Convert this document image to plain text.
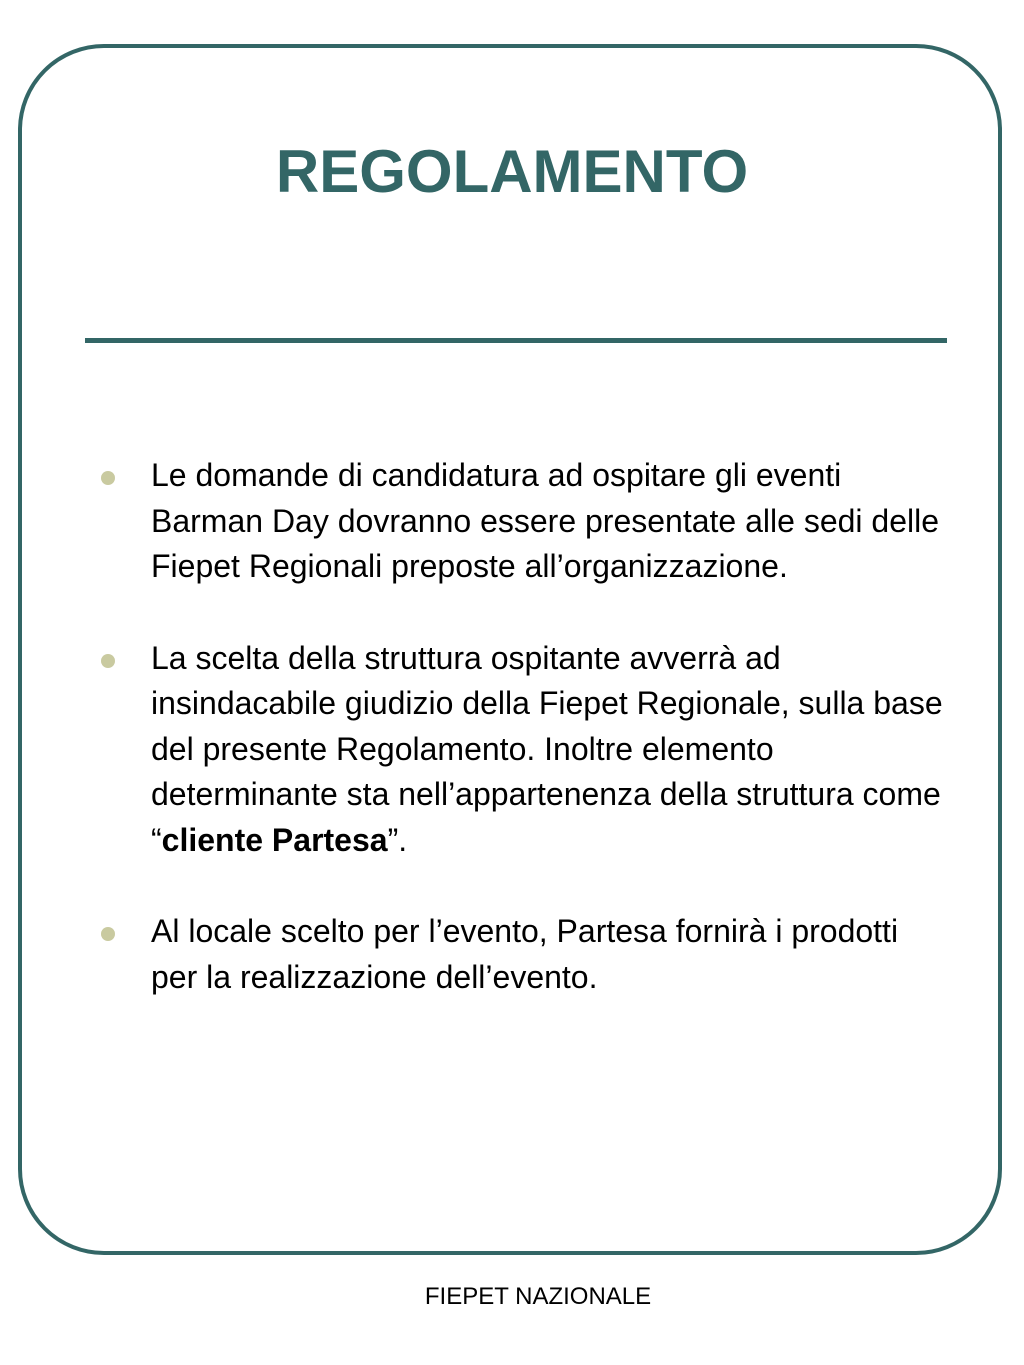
REGOLAMENTO
Le domande di candidatura ad ospitare gli eventi Barman Day dovranno essere presentate alle sedi delle Fiepet Regionali preposte all’organizzazione.
La scelta della struttura ospitante avverrà ad insindacabile giudizio della Fiepet Regionale, sulla base del presente Regolamento. Inoltre elemento determinante sta nell’appartenenza della struttura come “cliente Partesa”.
Al locale scelto per l’evento, Partesa fornirà i prodotti per la realizzazione dell’evento.
FIEPET NAZIONALE
